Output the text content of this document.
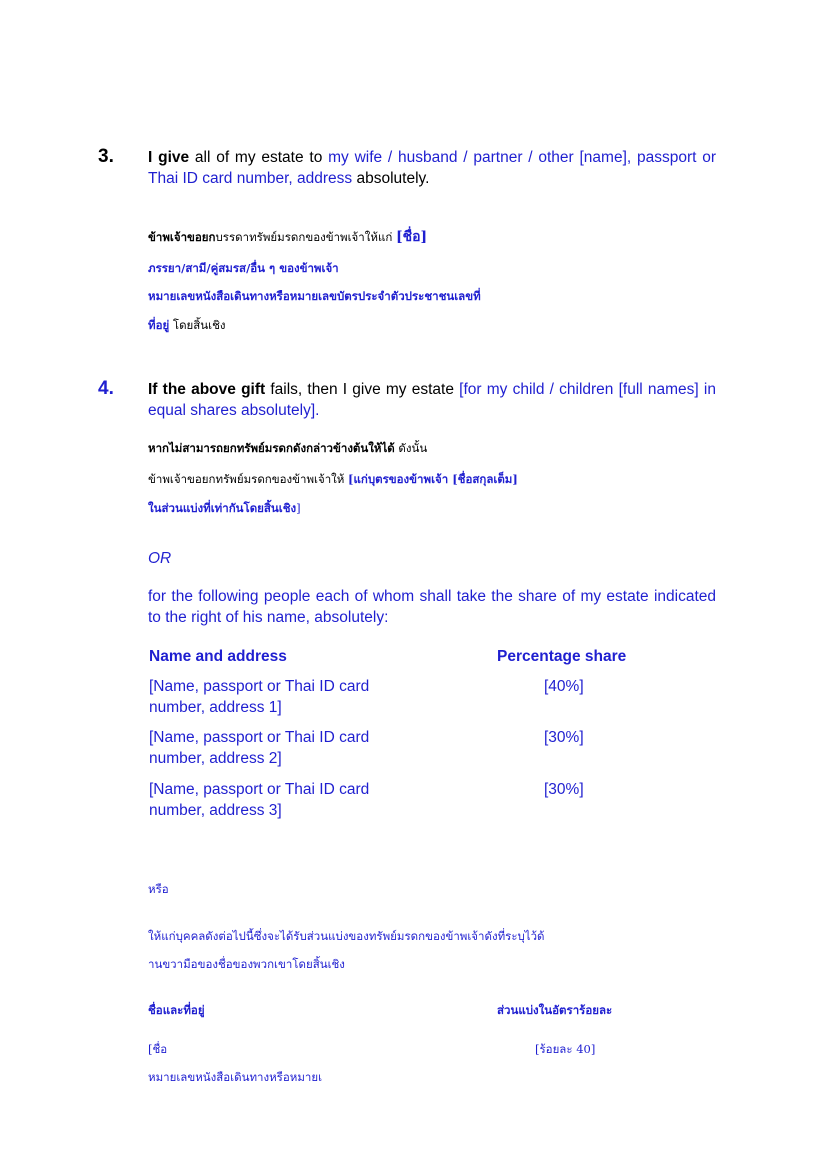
3. I give all of my estate to my wife / husband / partner / other [name], passport or Thai ID card number, address absolutely.
ข้าพเจ้าขอยกบรรดาทรัพย์มรดกของข้าพเจ้าให้แก่ [ชื่อ]
ภรรยา/สามี/คู่สมรส/อื่น ๆ ของข้าพเจ้า
หมายเลขหนังสือเดินทางหรือหมายเลขบัตรประจำตัวประชาชนเลขที่
ที่อยู่ โดยสิ้นเชิง
4. If the above gift fails, then I give my estate [for my child / children [full names] in equal shares absolutely].
หากไม่สามารถยกทรัพย์มรดกดังกล่าวข้างต้นให้ได้ ดังนั้น
ข้าพเจ้าขอยกทรัพย์มรดกของข้าพเจ้าให้ [แก่บุตรของข้าพเจ้า [ชื่อสกุลเต็ม]
ในส่วนแบ่งที่เท่ากันโดยสิ้นเชิง]
OR
for the following people each of whom shall take the share of my estate indicated to the right of his name, absolutely:
Name and address	Percentage share
[Name, passport or Thai ID card
number, address 1]
[40%]
[Name, passport or Thai ID card
number, address 2]
[30%]
[Name, passport or Thai ID card
number, address 3]
[30%]
หรือ
ให้แก่บุคคลดังต่อไปนี้ซึ่งจะได้รับส่วนแบ่งของทรัพย์มรดกของข้าพเจ้าดังที่ระบุไว้ด้
านขวามือของชื่อของพวกเขาโดยสิ้นเชิง
ชื่อและที่อยู่	ส่วนแบ่งในอัตราร้อยละ
[ชื่อ	[ร้อยละ 40]
หมายเลขหนังสือเดินทางหรือหมายเ
